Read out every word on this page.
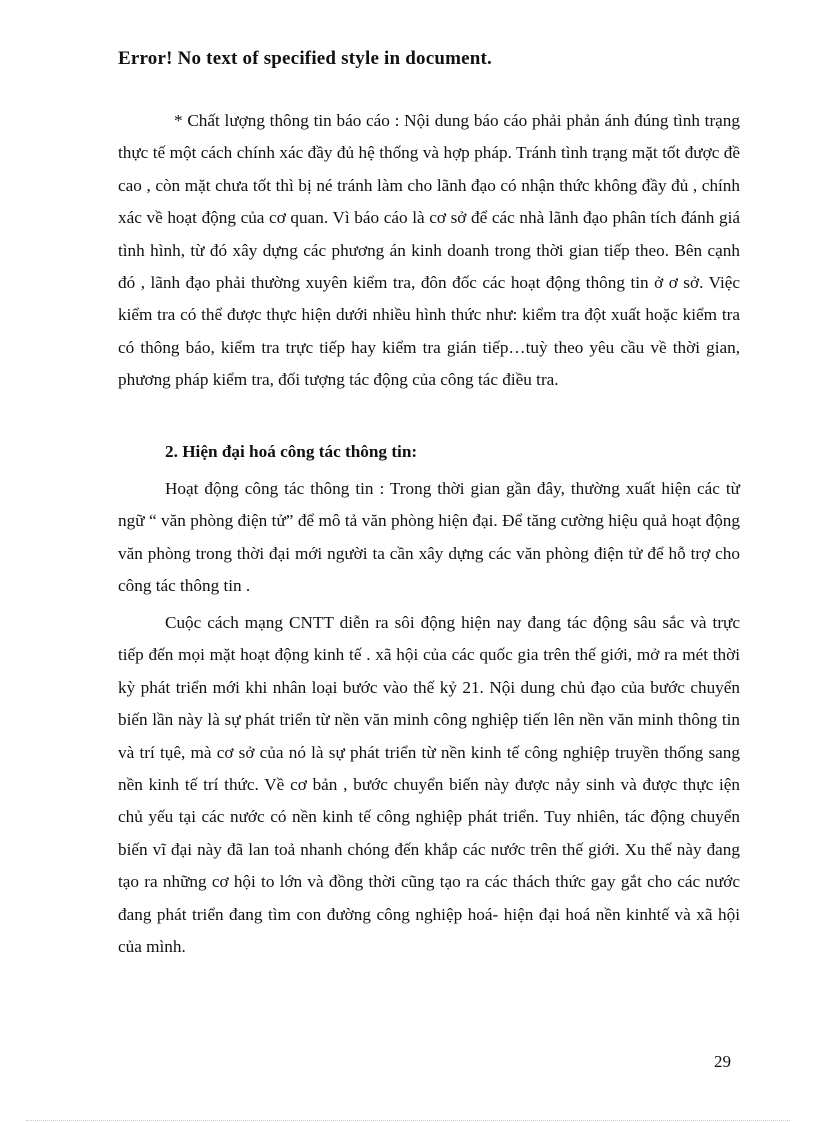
Error! No text of specified style in document.

* Chất lượng thông tin báo cáo : Nội dung báo cáo phải phản ánh đúng tình trạng thực tế một cách chính xác đầy đủ hệ thống và hợp pháp. Tránh tình trạng mặt tốt được đề cao , còn mặt chưa tốt thì bị né tránh làm cho lãnh đạo có nhận thức không đầy đủ , chính xác về hoạt động của cơ quan. Vì báo cáo là cơ sở để các nhà lãnh đạo phân tích đánh giá tình hình, từ đó xây dựng các phương án kinh doanh trong thời gian tiếp theo. Bên cạnh đó , lãnh đạo phải thường xuyên kiểm tra, đôn đốc các hoạt động thông tin ở ơ sở. Việc kiểm tra có thể được thực hiện dưới nhiều hình thức như: kiểm tra đột xuất hoặc kiểm tra có thông báo, kiểm tra trực tiếp hay kiểm tra gián tiếp…tuỳ theo yêu cầu về thời gian, phương pháp kiểm tra, đối tượng tác động của công tác điều tra.

2. Hiện đại hoá công tác thông tin:

Hoạt động công tác thông tin : Trong thời gian gần đây, thường xuất hiện các từ ngữ “ văn phòng điện tử” để mô tả văn phòng hiện đại. Để tăng cường hiệu quả hoạt động văn phòng trong thời đại mới người ta cần xây dựng các văn phòng điện tử để hỗ trợ cho công tác thông tin .

Cuộc cách mạng CNTT diễn ra sôi động hiện nay đang tác động sâu sắc và trực tiếp đến mọi mặt hoạt động kinh tế . xã hội của các quốc gia trên thế giới, mở ra mét thời kỳ phát triển mới khi nhân loại bước vào thế kỷ 21. Nội dung chủ đạo của bước chuyển biến lần này là sự phát triển từ nền văn minh công nghiệp tiến lên nền văn minh thông tin và trí tụê, mà cơ sở của nó là sự phát triển từ nền kinh tế công nghiệp truyền thống sang nền kinh tế trí thức. Về cơ bản , bước chuyển biến này được nảy sinh và được thực iện chủ yếu tại các nước có nền kinh tế công nghiệp phát triển. Tuy nhiên, tác động chuyển biến vĩ đại này đã lan toả nhanh chóng đến khắp các nước trên thế giới. Xu thế này đang tạo ra những cơ hội to lớn và đồng thời cũng tạo ra các thách thức gay gắt cho các nước đang phát triển đang tìm con đường công nghiệp hoá- hiện đại hoá nền kinhtế và xã hội của mình.

29
